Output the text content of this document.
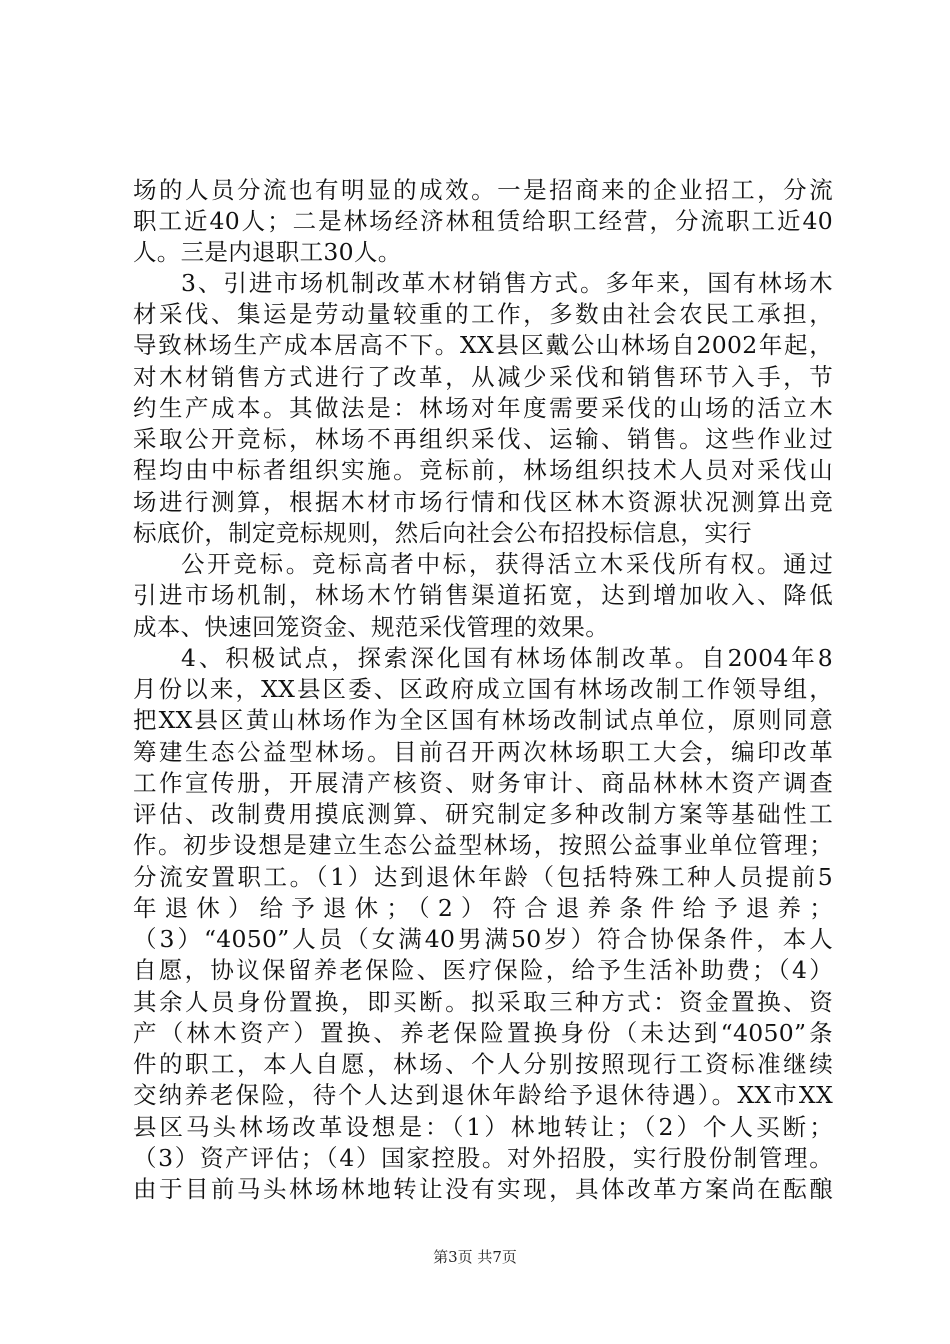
场的人员分流也有明显的成效。一是招商来的企业招工，分流
职工近40人；二是林场经济林租赁给职工经营，分流职工近40
人。三是内退职工30人。
3、引进市场机制改革木材销售方式。多年来，国有林场木
材采伐、集运是劳动量较重的工作，多数由社会农民工承担，
导致林场生产成本居高不下。XX县区戴公山林场自2002年起，
对木材销售方式进行了改革，从减少采伐和销售环节入手，节
约生产成本。其做法是：林场对年度需要采伐的山场的活立木
采取公开竞标，林场不再组织采伐、运输、销售。这些作业过
程均由中标者组织实施。竞标前，林场组织技术人员对采伐山
场进行测算，根据木材市场行情和伐区林木资源状况测算出竞
标底价，制定竞标规则，然后向社会公布招投标信息，实行
公开竞标。竞标高者中标，获得活立木采伐所有权。通过
引进市场机制，林场木竹销售渠道拓宽，达到增加收入、降低
成本、快速回笼资金、规范采伐管理的效果。
4、积极试点，探索深化国有林场体制改革。自2004年8
月份以来，XX县区委、区政府成立国有林场改制工作领导组，
把XX县区黄山林场作为全区国有林场改制试点单位，原则同意
筹建生态公益型林场。目前召开两次林场职工大会，编印改革
工作宣传册，开展清产核资、财务审计、商品林林木资产调查
评估、改制费用摸底测算、研究制定多种改制方案等基础性工
作。初步设想是建立生态公益型林场，按照公益事业单位管理；
分流安置职工。（1）达到退休年龄（包括特殊工种人员提前5
年退休）给予退休；（2）符合退养条件给予退养；
（3）“4050”人员（女满40男满50岁）符合协保条件，本人
自愿，协议保留养老保险、医疗保险，给予生活补助费；（4）
其余人员身份置换，即买断。拟采取三种方式：资金置换、资
产（林木资产）置换、养老保险置换身份（未达到“4050”条
件的职工，本人自愿，林场、个人分别按照现行工资标准继续
交纳养老保险，待个人达到退休年龄给予退休待遇）。XX市XX
县区马头林场改革设想是：（1）林地转让；（2）个人买断；
（3）资产评估；（4）国家控股。对外招股，实行股份制管理。
由于目前马头林场林地转让没有实现，具体改革方案尚在酝酿
第3页 共7页
